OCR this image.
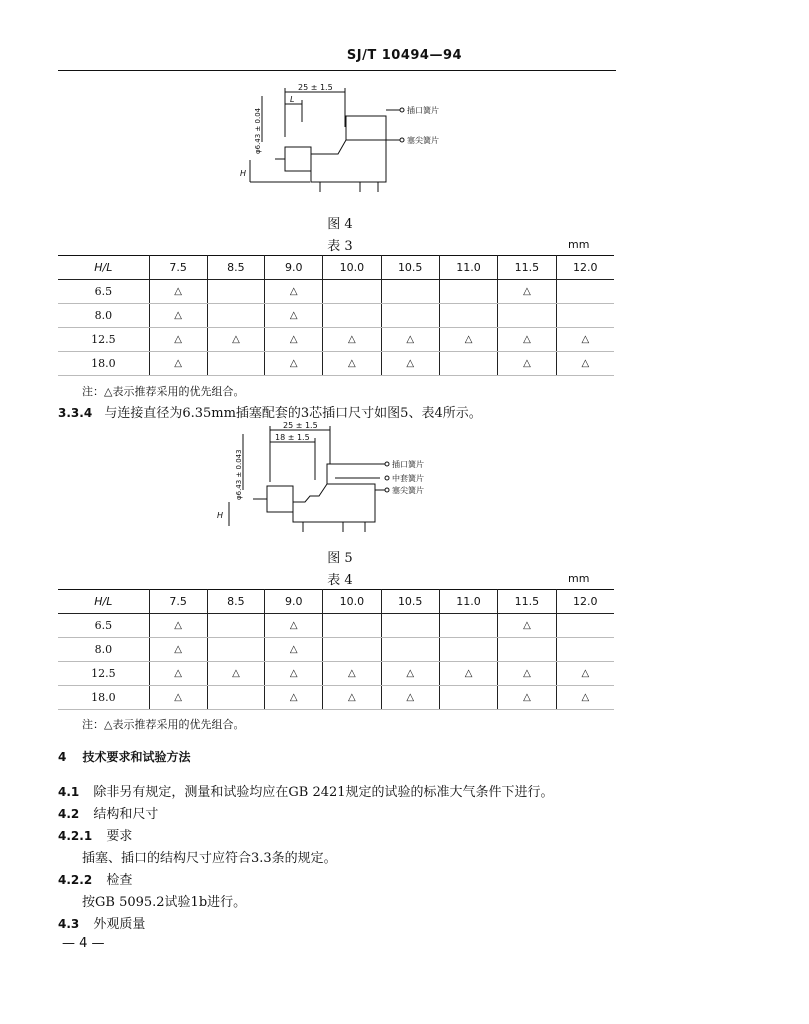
SJ/T 10494—94
25 ± 1.5
L
φ6.43 ± 0.04
H
插口簧片
塞尖簧片
图 4
表 3	mm
H/L	7.5	8.5	9.0	10.0	10.5	11.0	11.5	12.0
6.5	△		△				△	
8.0	△		△					
12.5	△	△	△	△	△	△	△	△
18.0	△		△	△	△		△	△
注：△表示推荐采用的优先组合。
3.3.4 与连接直径为6.35mm插塞配套的3芯插口尺寸如图5、表4所示。
25 ± 1.5
18 ± 1.5
φ6.43 ± 0.043
H
插口簧片
中套簧片
塞尖簧片
图 5
表 4	mm
H/L	7.5	8.5	9.0	10.0	10.5	11.0	11.5	12.0
6.5	△		△				△	
8.0	△		△					
12.5	△	△	△	△	△	△	△	△
18.0	△		△	△	△		△	△
注：△表示推荐采用的优先组合。
4 技术要求和试验方法
4.1 除非另有规定，测量和试验均应在GB 2421规定的试验的标准大气条件下进行。
4.2 结构和尺寸
4.2.1 要求
插塞、插口的结构尺寸应符合3.3条的规定。
4.2.2 检查
按GB 5095.2试验1b进行。
4.3 外观质量
— 4 —
